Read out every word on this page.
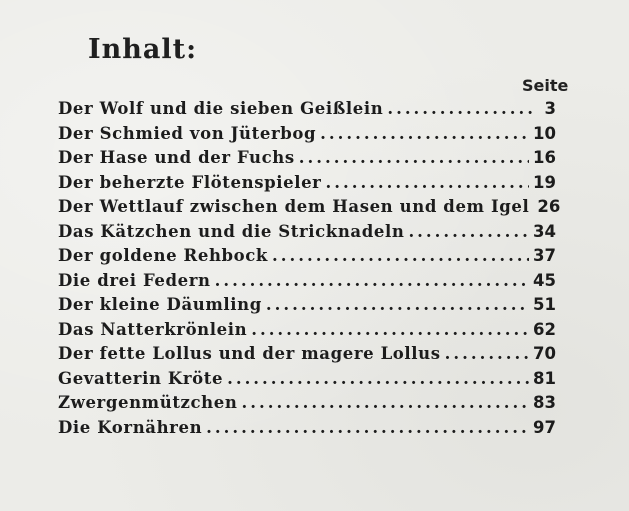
Inhalt:
Seite
Der Wolf und die sieben Geißlein .....	3
Der Schmied von Jüterbog .....	10
Der Hase und der Fuchs .....	16
Der beherzte Flötenspieler .....	19
Der Wettlauf zwischen dem Hasen und dem Igel 26
Das Kätzchen und die Stricknadeln .....	34
Der goldene Rehbock .....	37
Die drei Federn .....	45
Der kleine Däumling .....	51
Das Natterkrönlein .....	62
Der fette Lollus und der magere Lollus .....	70
Gevatterin Kröte .....	81
Zwergenmützchen .....	83
Die Kornähren .....	97
